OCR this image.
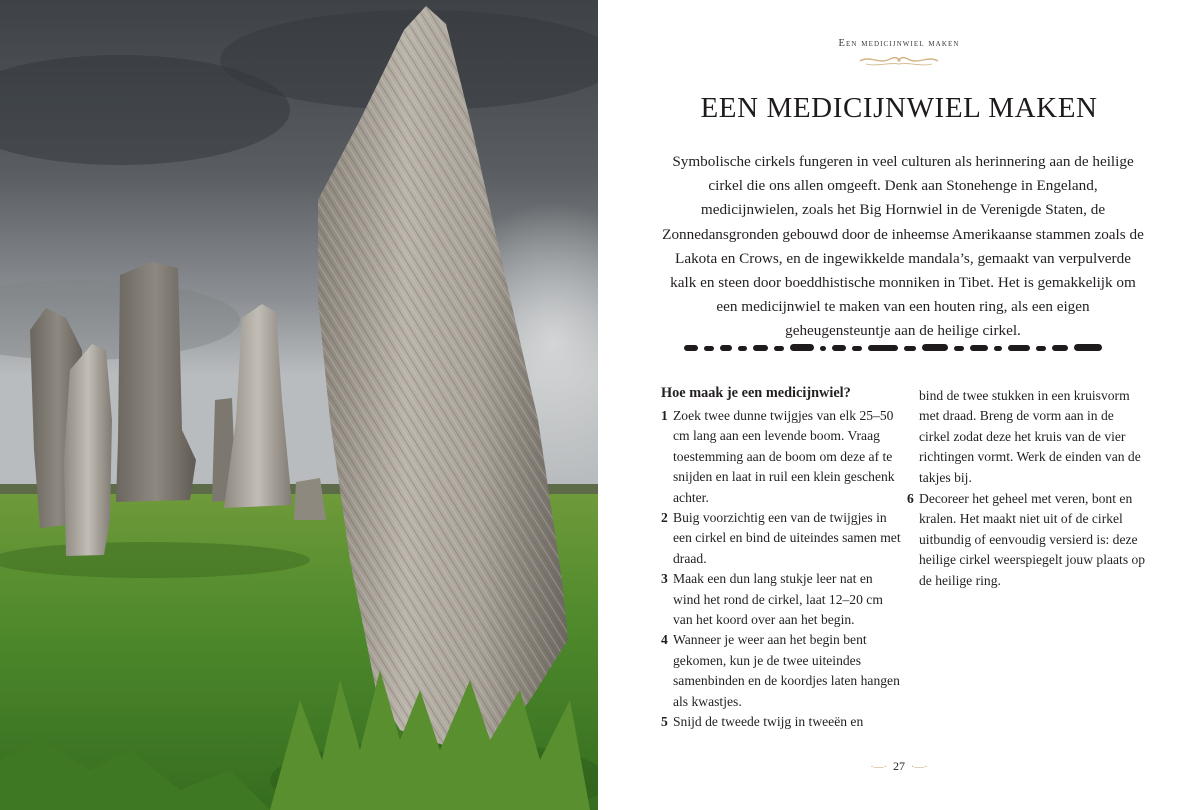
Een medicijnwiel maken
EEN MEDICIJNWIEL MAKEN

Symbolische cirkels fungeren in veel culturen als herinnering aan de heilige cirkel die ons allen omgeeft. Denk aan Stonehenge in Engeland, medicijnwielen, zoals het Big Hornwiel in de Verenigde Staten, de Zonnedansgronden gebouwd door de inheemse Amerikaanse stammen zoals de Lakota en Crows, en de ingewikkelde mandala’s, gemaakt van verpulverde kalk en steen door boeddhistische monniken in Tibet. Het is gemakkelijk om een medicijnwiel te maken van een houten ring, als een eigen geheugensteuntje aan de heilige cirkel.

Hoe maak je een medicijnwiel?
1 Zoek twee dunne twijgjes van elk 25–50 cm lang aan een levende boom. Vraag toestemming aan de boom om deze af te snijden en laat in ruil een klein geschenk achter.
2 Buig voorzichtig een van de twijgjes in een cirkel en bind de uiteindes samen met draad.
3 Maak een dun lang stukje leer nat en wind het rond de cirkel, laat 12–20 cm van het koord over aan het begin.
4 Wanneer je weer aan het begin bent gekomen, kun je de twee uiteindes samenbinden en de koordjes laten hangen als kwastjes.
5 Snijd de tweede twijg in tweeën en
bind de twee stukken in een kruisvorm met draad. Breng de vorm aan in de cirkel zodat deze het kruis van de vier richtingen vormt. Werk de einden van de takjes bij.
6 Decoreer het geheel met veren, bont en kralen. Het maakt niet uit of de cirkel uitbundig of eenvoudig versierd is: deze heilige cirkel weerspiegelt jouw plaats op de heilige ring.
·—· 27 ·—·
